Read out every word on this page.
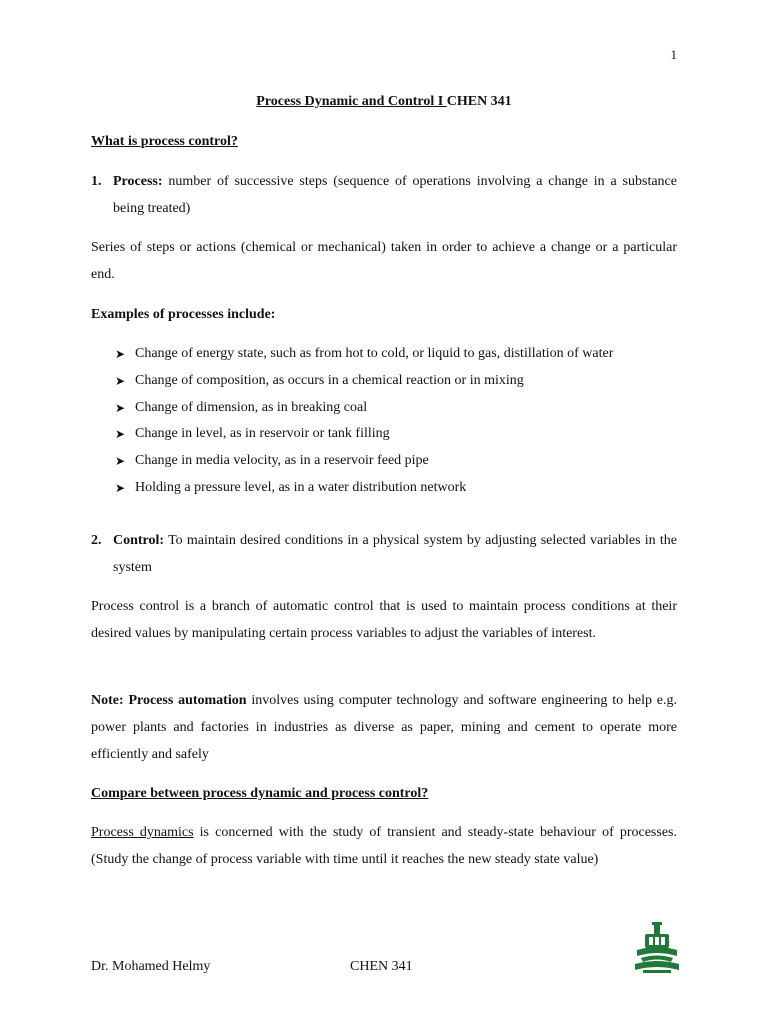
1
Process Dynamic and Control I CHEN 341
What is process control?
1. Process: number of successive steps (sequence of operations involving a change in a substance being treated)
Series of steps or actions (chemical or mechanical) taken in order to achieve a change or a particular end.
Examples of processes include:
➤ Change of energy state, such as from hot to cold, or liquid to gas, distillation of water
➤ Change of composition, as occurs in a chemical reaction or in mixing
➤ Change of dimension, as in breaking coal
➤ Change in level, as in reservoir or tank filling
➤ Change in media velocity, as in a reservoir feed pipe
➤ Holding a pressure level, as in a water distribution network
2. Control: To maintain desired conditions in a physical system by adjusting selected variables in the system
Process control is a branch of automatic control that is used to maintain process conditions at their desired values by manipulating certain process variables to adjust the variables of interest.
Note: Process automation involves using computer technology and software engineering to help e.g. power plants and factories in industries as diverse as paper, mining and cement to operate more efficiently and safely
Compare between process dynamic and process control?
Process dynamics is concerned with the study of transient and steady-state behaviour of processes. (Study the change of process variable with time until it reaches the new steady state value)
Dr. Mohamed Helmy	CHEN 341
